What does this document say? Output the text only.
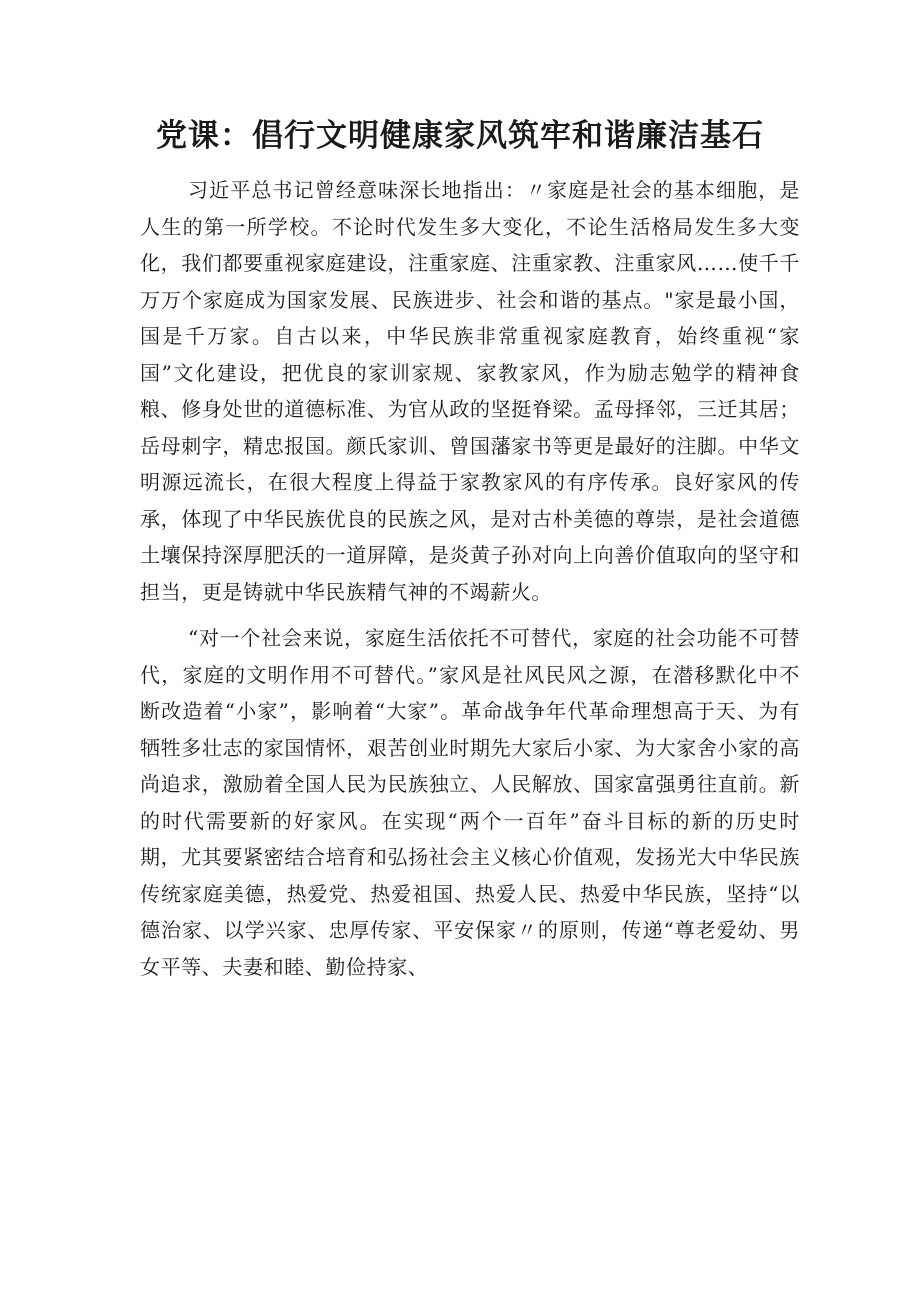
党课：倡行文明健康家风筑牢和谐廉洁基石

习近平总书记曾经意味深长地指出：〃家庭是社会的基本细胞，是人生的第一所学校。不论时代发生多大变化，不论生活格局发生多大变化，我们都要重视家庭建设，注重家庭、注重家教、注重家风……使千千万万个家庭成为国家发展、民族进步、社会和谐的基点。"家是最小国，国是千万家。自古以来，中华民族非常重视家庭教育，始终重视“家国”文化建设，把优良的家训家规、家教家风，作为励志勉学的精神食粮、修身处世的道德标准、为官从政的坚挺脊梁。孟母择邻，三迁其居；岳母刺字，精忠报国。颜氏家训、曾国藩家书等更是最好的注脚。中华文明源远流长，在很大程度上得益于家教家风的有序传承。良好家风的传承，体现了中华民族优良的民族之风，是对古朴美德的尊崇，是社会道德土壤保持深厚肥沃的一道屏障，是炎黄子孙对向上向善价值取向的坚守和担当，更是铸就中华民族精气神的不竭薪火。

“对一个社会来说，家庭生活依托不可替代，家庭的社会功能不可替代，家庭的文明作用不可替代。”家风是社风民风之源，在潜移默化中不断改造着“小家”，影响着“大家”。革命战争年代革命理想高于天、为有牺牲多壮志的家国情怀，艰苦创业时期先大家后小家、为大家舍小家的高尚追求，激励着全国人民为民族独立、人民解放、国家富强勇往直前。新的时代需要新的好家风。在实现“两个一百年”奋斗目标的新的历史时期，尤其要紧密结合培育和弘扬社会主义核心价值观，发扬光大中华民族传统家庭美德，热爱党、热爱祖国、热爱人民、热爱中华民族，坚持“以德治家、以学兴家、忠厚传家、平安保家〃的原则，传递“尊老爱幼、男女平等、夫妻和睦、勤俭持家、
